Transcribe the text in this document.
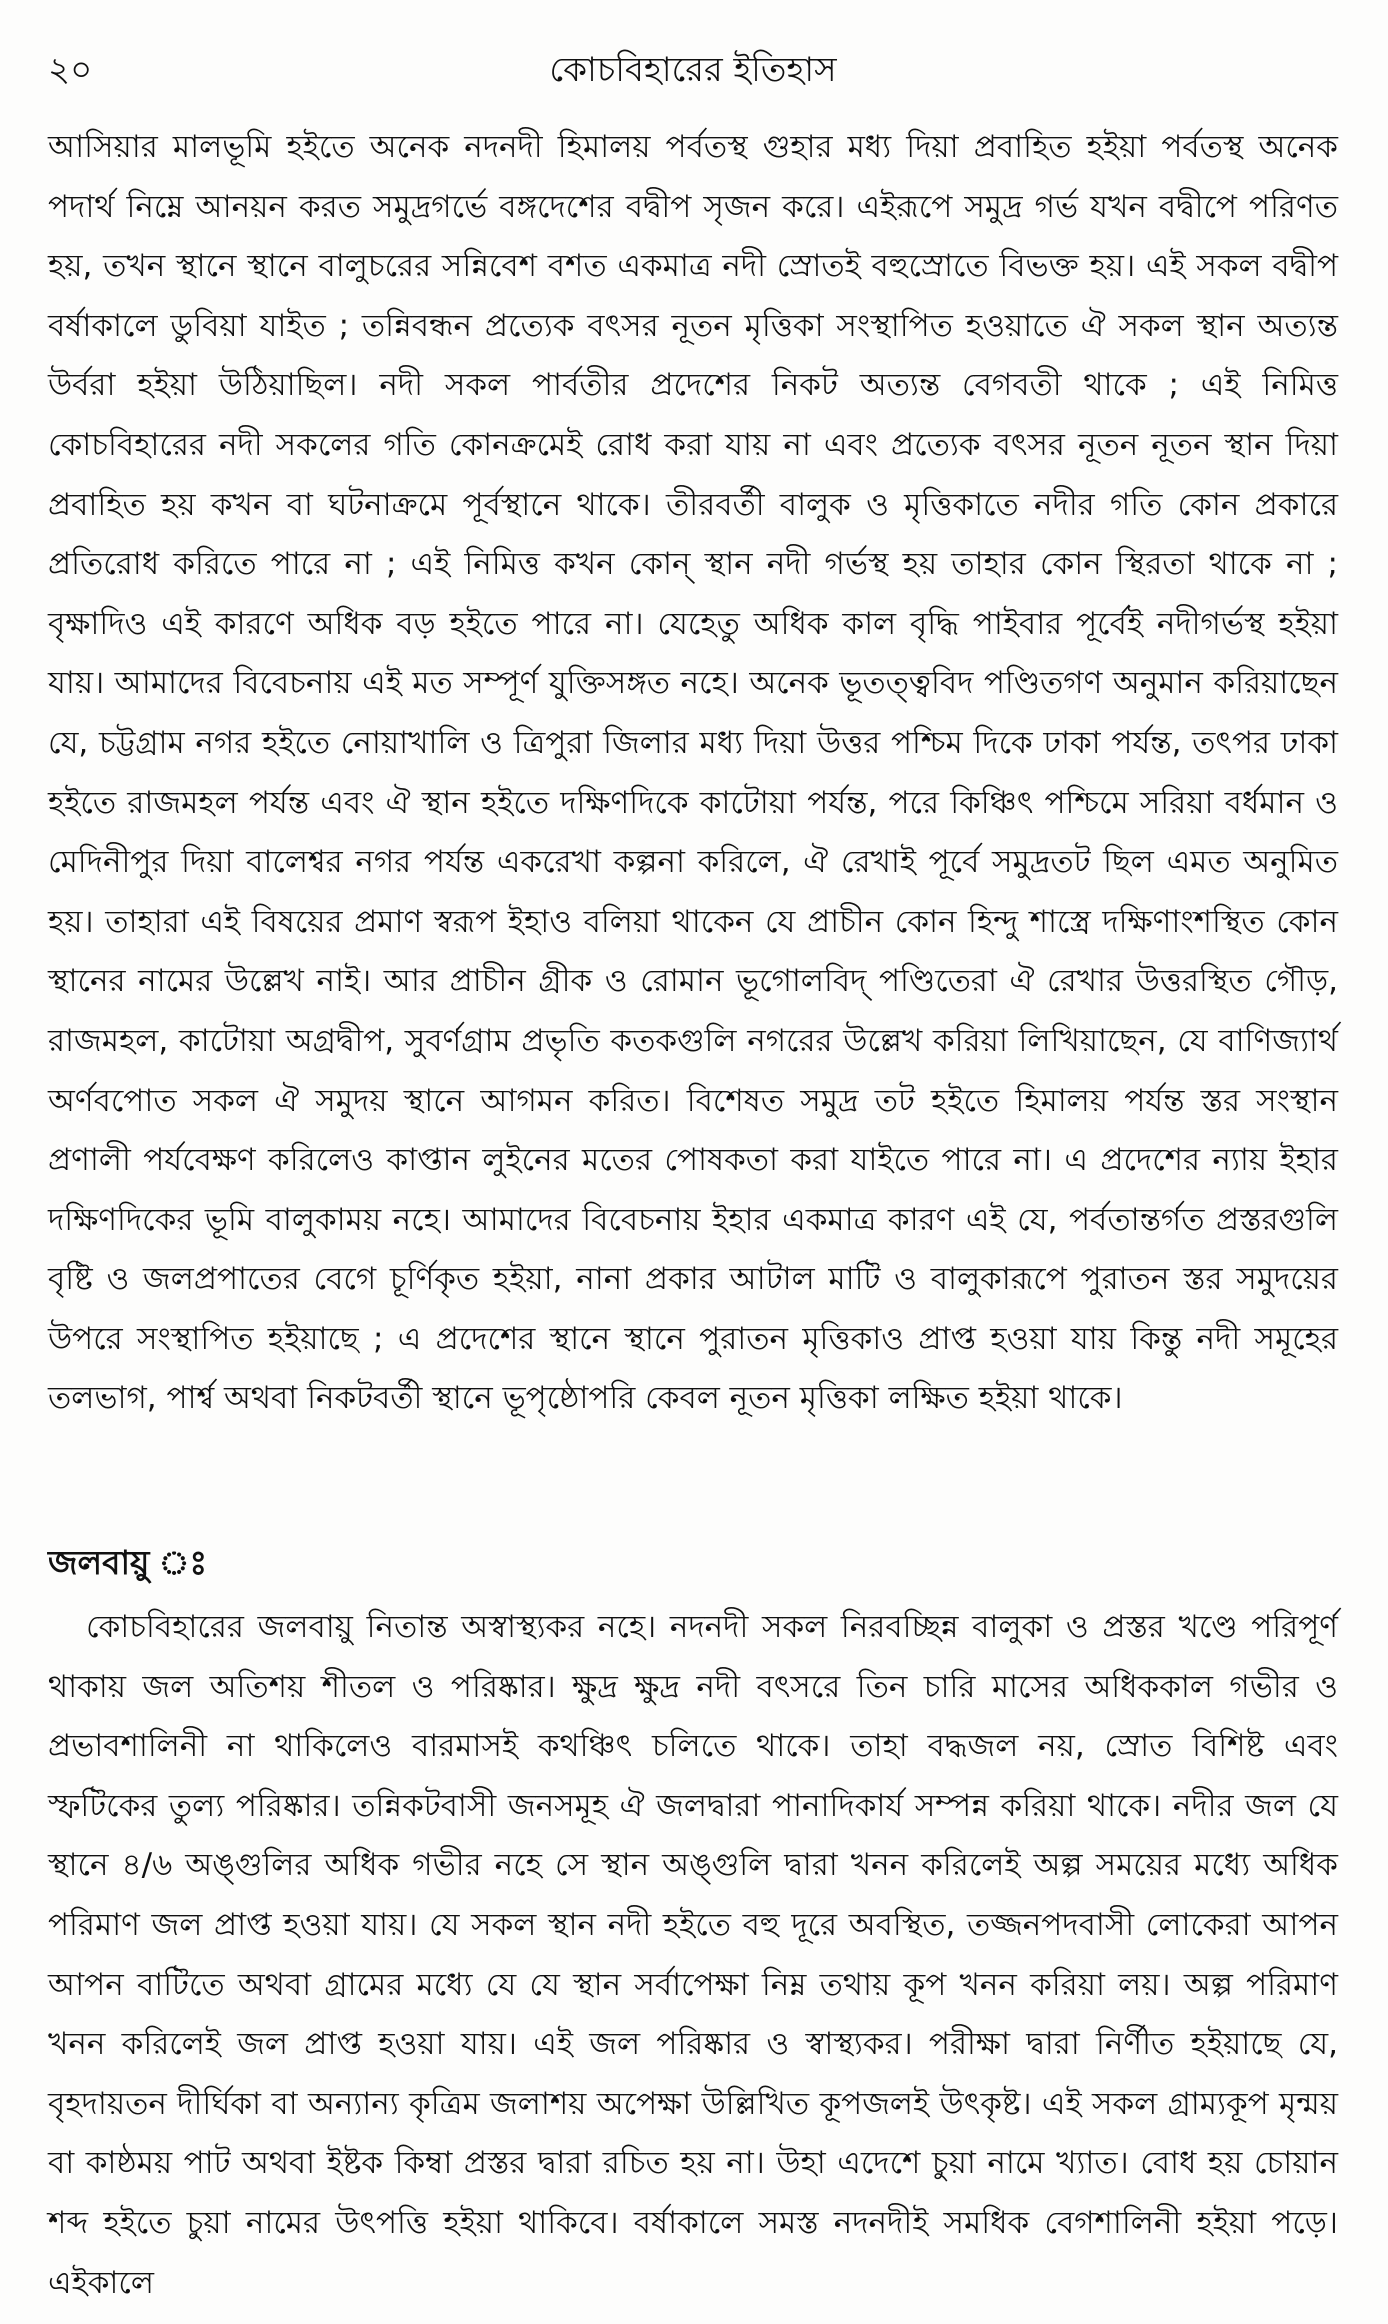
২০	কোচবিহারের ইতিহাস

আসিয়ার মালভূমি হইতে অনেক নদনদী হিমালয় পর্বতস্থ গুহার মধ্য দিয়া প্রবাহিত হইয়া পর্বতস্থ অনেক পদার্থ নিম্নে আনয়ন করত সমুদ্রগর্ভে বঙ্গদেশের বদ্বীপ সৃজন করে। এইরূপে সমুদ্র গর্ভ যখন বদ্বীপে পরিণত হয়, তখন স্থানে স্থানে বালুচরের সন্নিবেশ বশত একমাত্র নদী স্রোতই বহুস্রোতে বিভক্ত হয়। এই সকল বদ্বীপ বর্ষাকালে ডুবিয়া যাইত ; তন্নিবন্ধন প্রত্যেক বৎসর নূতন মৃত্তিকা সংস্থাপিত হওয়াতে ঐ সকল স্থান অত্যন্ত উর্বরা হইয়া উঠিয়াছিল। নদী সকল পার্বতীর প্রদেশের নিকট অত্যন্ত বেগবতী থাকে ; এই নিমিত্ত কোচবিহারের নদী সকলের গতি কোনক্রমেই রোধ করা যায় না এবং প্রত্যেক বৎসর নূতন নূতন স্থান দিয়া প্রবাহিত হয় কখন বা ঘটনাক্রমে পূর্বস্থানে থাকে। তীরবর্তী বালুক ও মৃত্তিকাতে নদীর গতি কোন প্রকারে প্রতিরোধ করিতে পারে না ; এই নিমিত্ত কখন কোন্ স্থান নদী গর্ভস্থ হয় তাহার কোন স্থিরতা থাকে না ; বৃক্ষাদিও এই কারণে অধিক বড় হইতে পারে না। যেহেতু অধিক কাল বৃদ্ধি পাইবার পূর্বেই নদীগর্ভস্থ হইয়া যায়। আমাদের বিবেচনায় এই মত সম্পূর্ণ যুক্তিসঙ্গত নহে। অনেক ভূতত্ত্ববিদ পণ্ডিতগণ অনুমান করিয়াছেন যে, চট্টগ্রাম নগর হইতে নোয়াখালি ও ত্রিপুরা জিলার মধ্য দিয়া উত্তর পশ্চিম দিকে ঢাকা পর্যন্ত, তৎপর ঢাকা হইতে রাজমহল পর্যন্ত এবং ঐ স্থান হইতে দক্ষিণদিকে কাটোয়া পর্যন্ত, পরে কিঞ্চিৎ পশ্চিমে সরিয়া বর্ধমান ও মেদিনীপুর দিয়া বালেশ্বর নগর পর্যন্ত একরেখা কল্পনা করিলে, ঐ রেখাই পূর্বে সমুদ্রতট ছিল এমত অনুমিত হয়। তাহারা এই বিষয়ের প্রমাণ স্বরূপ ইহাও বলিয়া থাকেন যে প্রাচীন কোন হিন্দু শাস্ত্রে দক্ষিণাংশস্থিত কোন স্থানের নামের উল্লেখ নাই। আর প্রাচীন গ্রীক ও রোমান ভূগোলবিদ্ পণ্ডিতেরা ঐ রেখার উত্তরস্থিত গৌড়, রাজমহল, কাটোয়া অগ্রদ্বীপ, সুবর্ণগ্রাম প্রভৃতি কতকগুলি নগরের উল্লেখ করিয়া লিখিয়াছেন, যে বাণিজ্যার্থ অর্ণবপোত সকল ঐ সমুদয় স্থানে আগমন করিত। বিশেষত সমুদ্র তট হইতে হিমালয় পর্যন্ত স্তর সংস্থান প্রণালী পর্যবেক্ষণ করিলেও কাপ্তান লুইনের মতের পোষকতা করা যাইতে পারে না। এ প্রদেশের ন্যায় ইহার দক্ষিণদিকের ভূমি বালুকাময় নহে। আমাদের বিবেচনায় ইহার একমাত্র কারণ এই যে, পর্বতান্তর্গত প্রস্তরগুলি বৃষ্টি ও জলপ্রপাতের বেগে চূর্ণিকৃত হইয়া, নানা প্রকার আটাল মাটি ও বালুকারূপে পুরাতন স্তর সমুদয়ের উপরে সংস্থাপিত হইয়াছে ; এ প্রদেশের স্থানে স্থানে পুরাতন মৃত্তিকাও প্রাপ্ত হওয়া যায় কিন্তু নদী সমূহের তলভাগ, পার্শ্ব অথবা নিকটবর্তী স্থানে ভূপৃষ্ঠোপরি কেবল নূতন মৃত্তিকা লক্ষিত হইয়া থাকে।

জলবায়ু ঃ

কোচবিহারের জলবায়ু নিতান্ত অস্বাস্থ্যকর নহে। নদনদী সকল নিরবচ্ছিন্ন বালুকা ও প্রস্তর খণ্ডে পরিপূর্ণ থাকায় জল অতিশয় শীতল ও পরিষ্কার। ক্ষুদ্র ক্ষুদ্র নদী বৎসরে তিন চারি মাসের অধিককাল গভীর ও প্রভাবশালিনী না থাকিলেও বারমাসই কথঞ্চিৎ চলিতে থাকে। তাহা বদ্ধজল নয়, স্রোত বিশিষ্ট এবং স্ফটিকের তুল্য পরিষ্কার। তন্নিকটবাসী জনসমূহ ঐ জলদ্বারা পানাদিকার্য সম্পন্ন করিয়া থাকে। নদীর জল যে স্থানে ৪/৬ অঙ্গুলির অধিক গভীর নহে সে স্থান অঙ্গুলি দ্বারা খনন করিলেই অল্প সময়ের মধ্যে অধিক পরিমাণ জল প্রাপ্ত হওয়া যায়। যে সকল স্থান নদী হইতে বহু দূরে অবস্থিত, তজ্জনপদবাসী লোকেরা আপন আপন বাটিতে অথবা গ্রামের মধ্যে যে যে স্থান সর্বাপেক্ষা নিম্ন তথায় কূপ খনন করিয়া লয়। অল্প পরিমাণ খনন করিলেই জল প্রাপ্ত হওয়া যায়। এই জল পরিষ্কার ও স্বাস্থ্যকর। পরীক্ষা দ্বারা নির্ণীত হইয়াছে যে, বৃহদায়তন দীর্ঘিকা বা অন্যান্য কৃত্রিম জলাশয় অপেক্ষা উল্লিখিত কূপজলই উৎকৃষ্ট। এই সকল গ্রাম্যকূপ মৃন্ময় বা কাষ্ঠময় পাট অথবা ইষ্টক কিম্বা প্রস্তর দ্বারা রচিত হয় না। উহা এদেশে চুয়া নামে খ্যাত। বোধ হয় চোয়ান শব্দ হইতে চুয়া নামের উৎপত্তি হইয়া থাকিবে। বর্ষাকালে সমস্ত নদনদীই সমধিক বেগশালিনী হইয়া পড়ে। এইকালে
